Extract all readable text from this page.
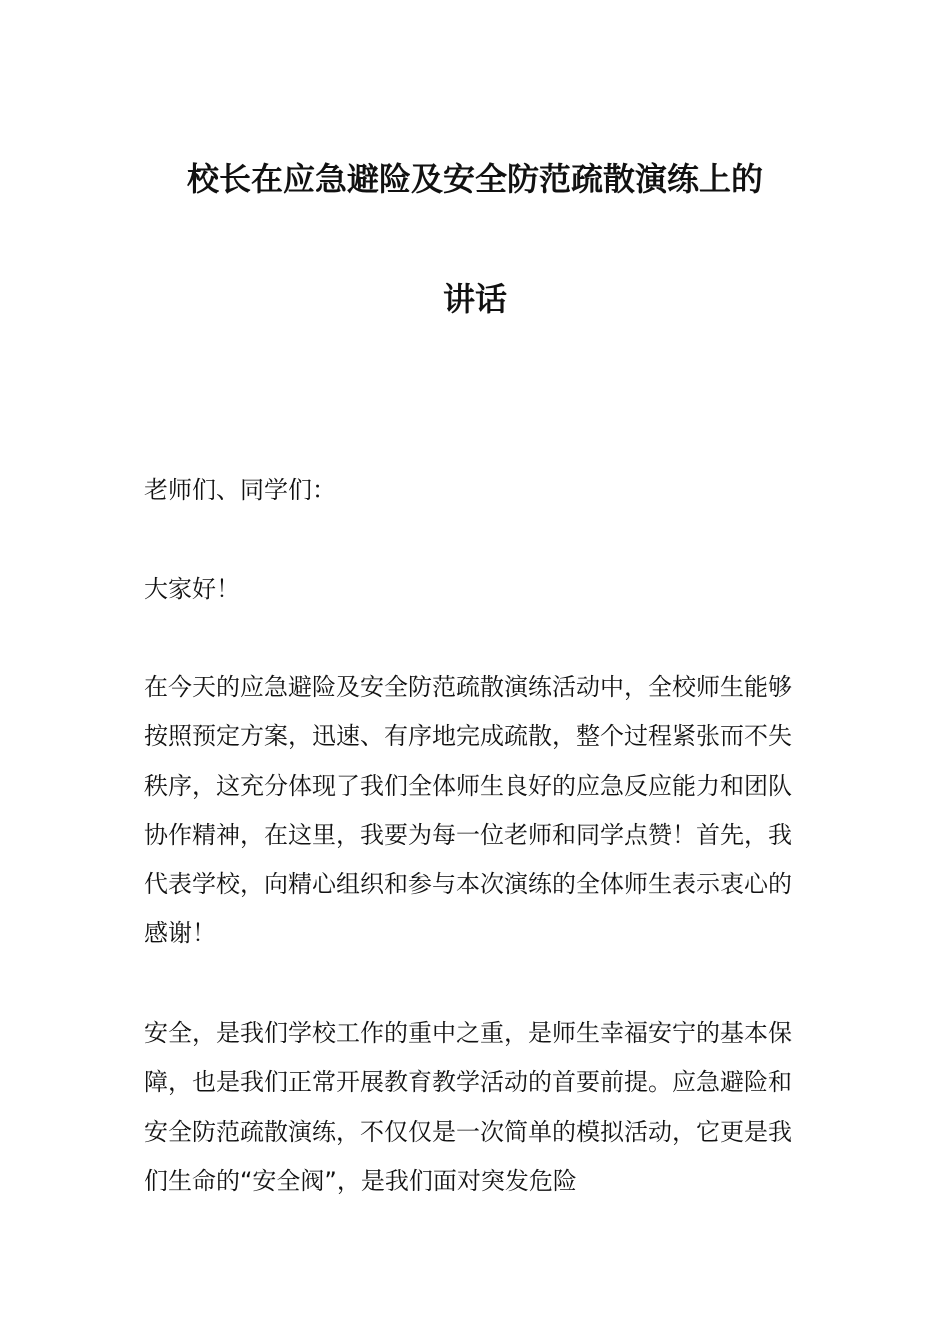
校长在应急避险及安全防范疏散演练上的
讲话

老师们、同学们：

大家好！

在今天的应急避险及安全防范疏散演练活动中，全校师生能够按照预定方案，迅速、有序地完成疏散，整个过程紧张而不失秩序，这充分体现了我们全体师生良好的应急反应能力和团队协作精神，在这里，我要为每一位老师和同学点赞！首先，我代表学校，向精心组织和参与本次演练的全体师生表示衷心的感谢！

安全，是我们学校工作的重中之重，是师生幸福安宁的基本保障，也是我们正常开展教育教学活动的首要前提。应急避险和安全防范疏散演练，不仅仅是一次简单的模拟活动，它更是我们生命的“安全阀”，是我们面对突发危险
